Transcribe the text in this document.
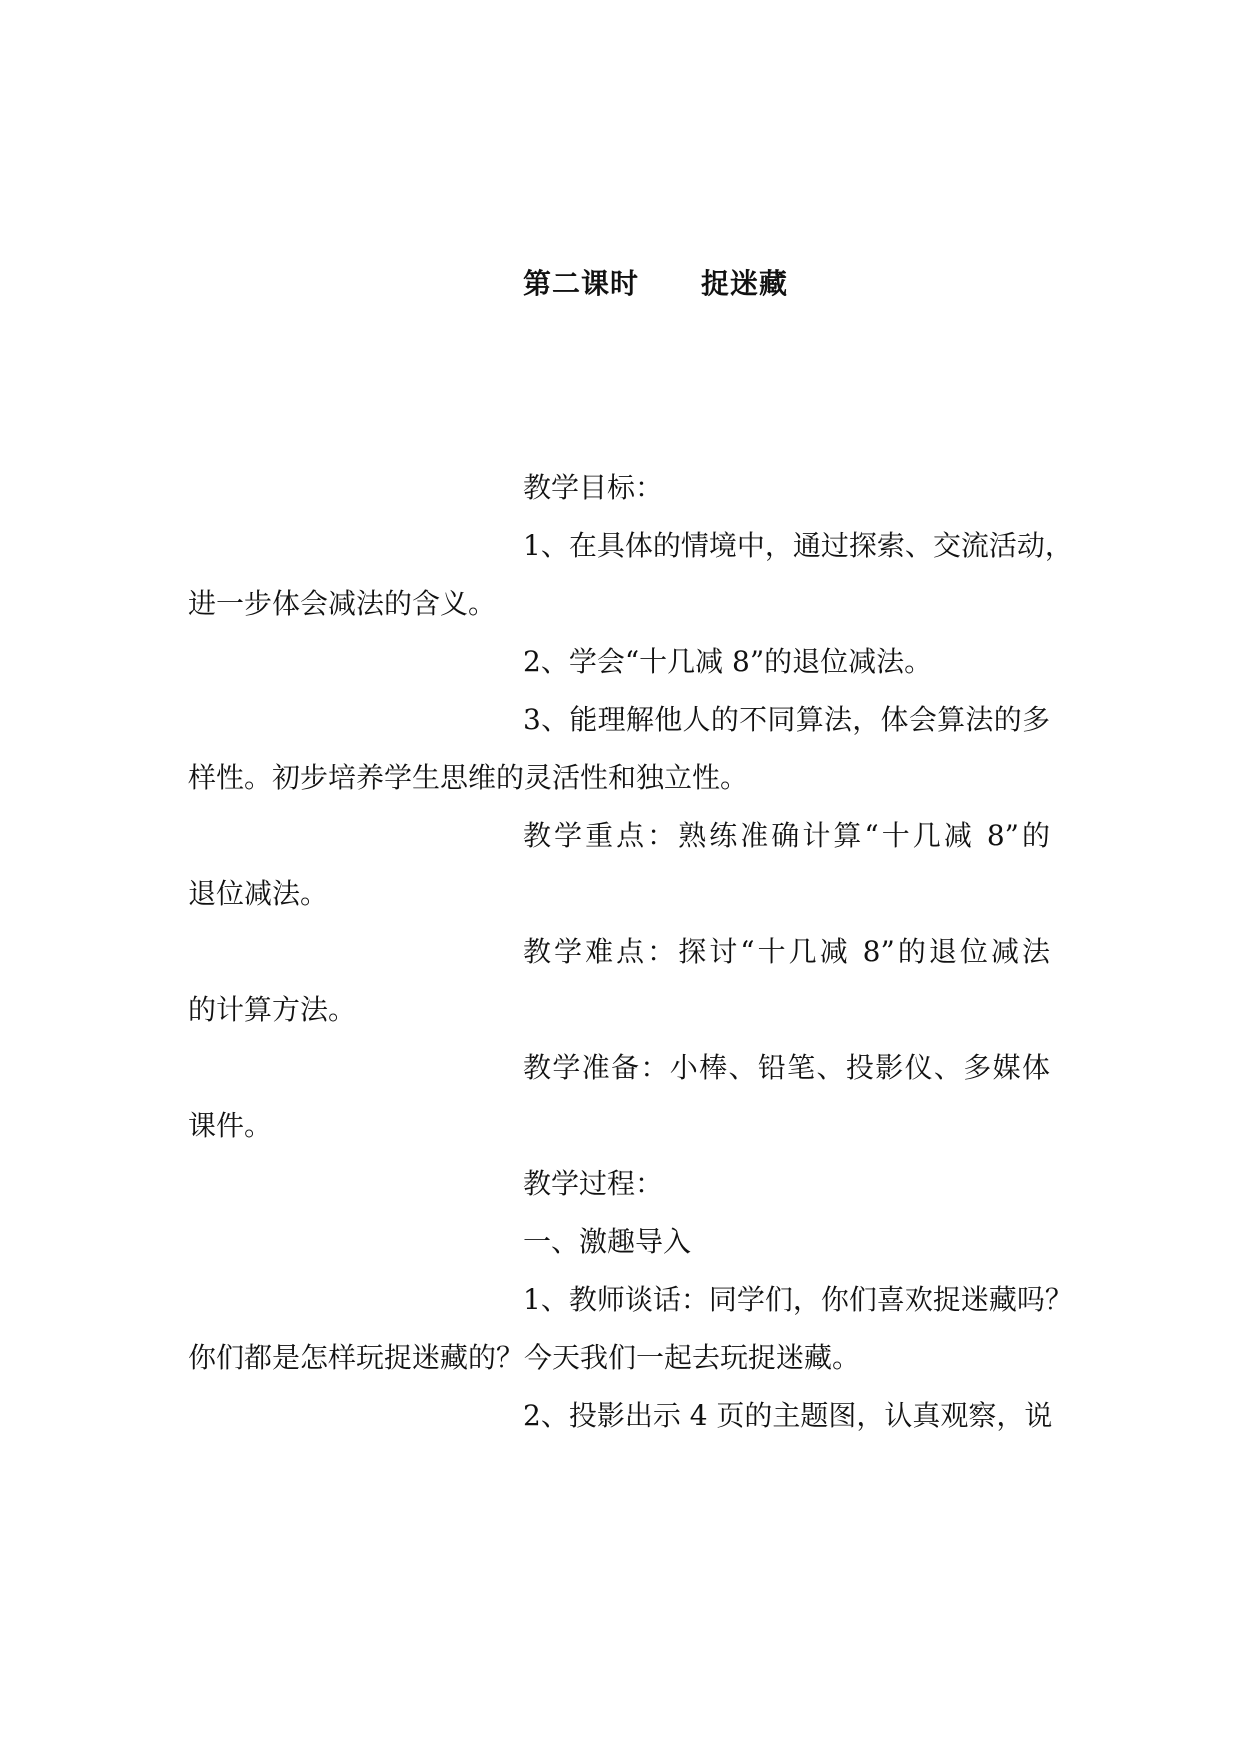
第二课时 捉迷藏
教学目标：
1、在具体的情境中，通过探索、交流活动，
进一步体会减法的含义。
2、学会“十几减 8”的退位减法。
3、能理解他人的不同算法，体会算法的多
样性。初步培养学生思维的灵活性和独立性。
教学重点：熟练准确计算“十几减 8”的
退位减法。
教学难点：探讨“十几减 8”的退位减法
的计算方法。
教学准备：小棒、铅笔、投影仪、多媒体
课件。
教学过程：
一、激趣导入
1、教师谈话：同学们，你们喜欢捉迷藏吗？
你们都是怎样玩捉迷藏的？今天我们一起去玩捉迷藏。
2、投影出示 4 页的主题图，认真观察，说
